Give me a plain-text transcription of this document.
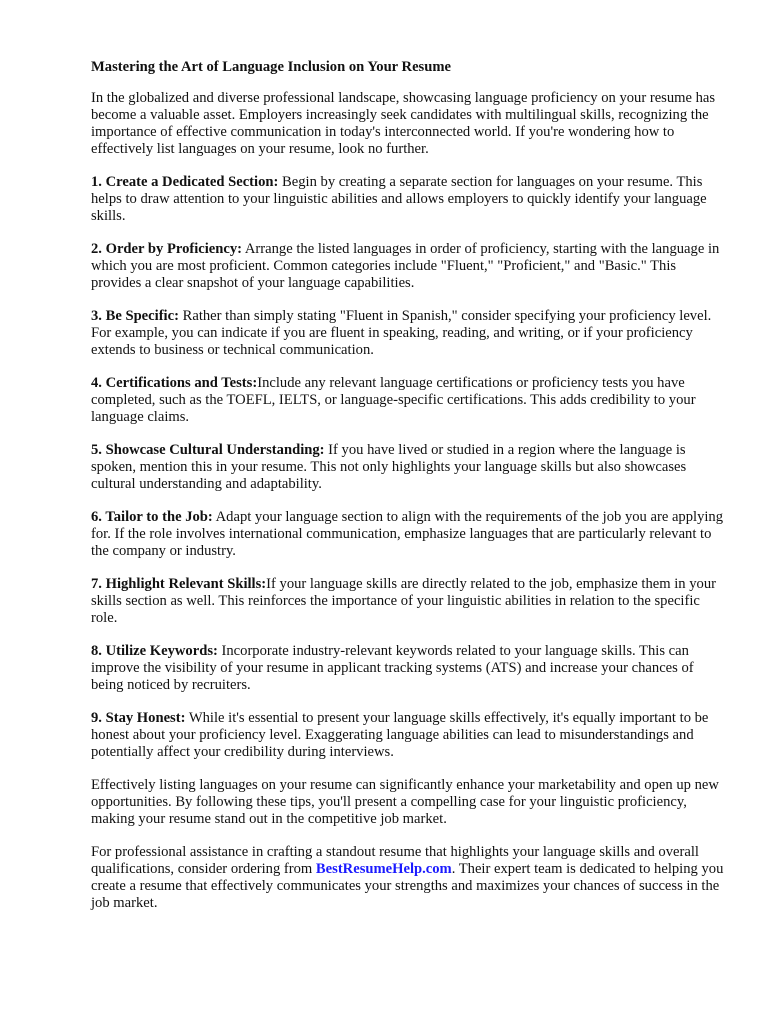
Mastering the Art of Language Inclusion on Your Resume
In the globalized and diverse professional landscape, showcasing language proficiency on your resume has become a valuable asset. Employers increasingly seek candidates with multilingual skills, recognizing the importance of effective communication in today's interconnected world. If you're wondering how to effectively list languages on your resume, look no further.
1. Create a Dedicated Section: Begin by creating a separate section for languages on your resume. This helps to draw attention to your linguistic abilities and allows employers to quickly identify your language skills.
2. Order by Proficiency: Arrange the listed languages in order of proficiency, starting with the language in which you are most proficient. Common categories include "Fluent," "Proficient," and "Basic." This provides a clear snapshot of your language capabilities.
3. Be Specific: Rather than simply stating "Fluent in Spanish," consider specifying your proficiency level. For example, you can indicate if you are fluent in speaking, reading, and writing, or if your proficiency extends to business or technical communication.
4. Certifications and Tests:Include any relevant language certifications or proficiency tests you have completed, such as the TOEFL, IELTS, or language-specific certifications. This adds credibility to your language claims.
5. Showcase Cultural Understanding: If you have lived or studied in a region where the language is spoken, mention this in your resume. This not only highlights your language skills but also showcases cultural understanding and adaptability.
6. Tailor to the Job: Adapt your language section to align with the requirements of the job you are applying for. If the role involves international communication, emphasize languages that are particularly relevant to the company or industry.
7. Highlight Relevant Skills:If your language skills are directly related to the job, emphasize them in your skills section as well. This reinforces the importance of your linguistic abilities in relation to the specific role.
8. Utilize Keywords: Incorporate industry-relevant keywords related to your language skills. This can improve the visibility of your resume in applicant tracking systems (ATS) and increase your chances of being noticed by recruiters.
9. Stay Honest: While it's essential to present your language skills effectively, it's equally important to be honest about your proficiency level. Exaggerating language abilities can lead to misunderstandings and potentially affect your credibility during interviews.
Effectively listing languages on your resume can significantly enhance your marketability and open up new opportunities. By following these tips, you'll present a compelling case for your linguistic proficiency, making your resume stand out in the competitive job market.
For professional assistance in crafting a standout resume that highlights your language skills and overall qualifications, consider ordering from BestResumeHelp.com. Their expert team is dedicated to helping you create a resume that effectively communicates your strengths and maximizes your chances of success in the job market.
